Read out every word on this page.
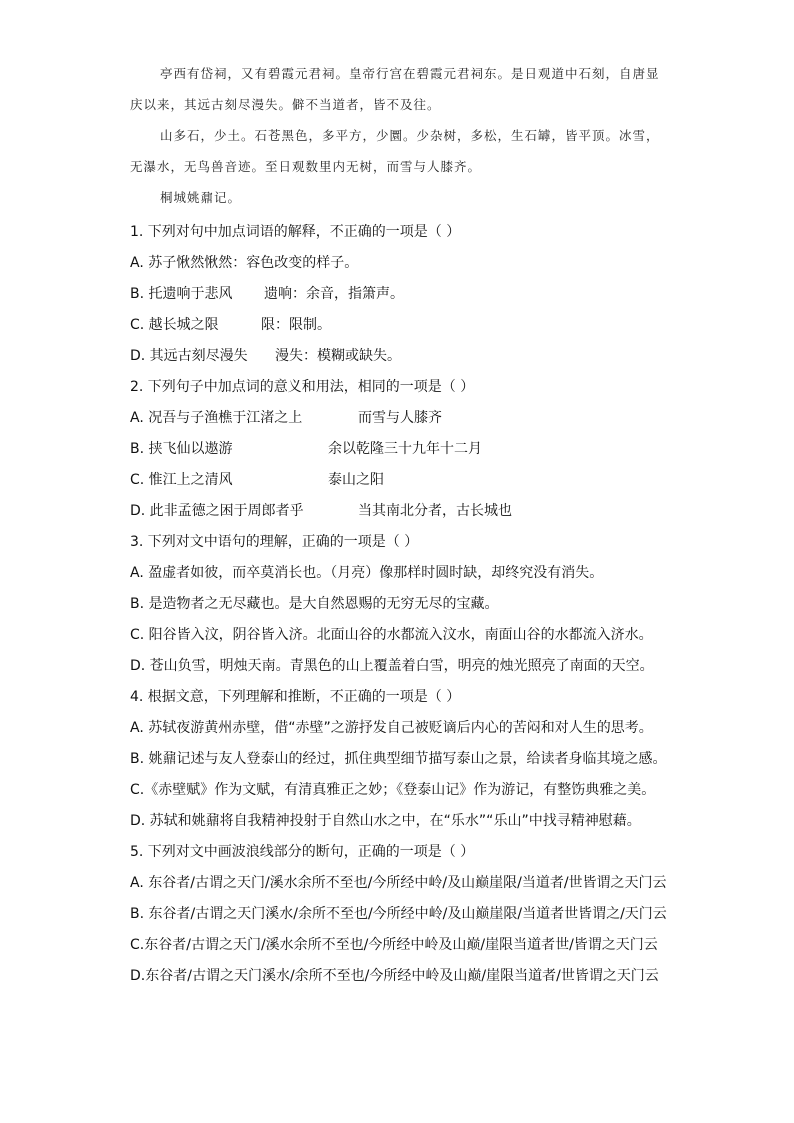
亭西有岱祠，又有碧霞元君祠。皇帝行宫在碧霞元君祠东。是日观道中石刻，自唐显庆以来，其远古刻尽漫失。僻不当道者，皆不及往。

山多石，少土。石苍黑色，多平方，少圜。少杂树，多松，生石罅，皆平顶。冰雪，无瀑水，无鸟兽音迹。至日观数里内无树，而雪与人膝齐。

桐城姚鼐记。

1. 下列对句中加点词语的解释，不正确的一项是（ ）
A. 苏子愀然愀然：容色改变的样子。
B. 托遗响于悲风 遗响：余音，指箫声。
C. 越长城之限	限：限制。
D. 其远古刻尽漫失 漫失：模糊或缺失。
2. 下列句子中加点词的意义和用法，相同的一项是（ ）
A. 况吾与子渔樵于江渚之上	而雪与人膝齐
B. 挟飞仙以遨游	余以乾隆三十九年十二月
C. 惟江上之清风	泰山之阳
D. 此非孟德之困于周郎者乎	当其南北分者，古长城也
3. 下列对文中语句的理解，正确的一项是（ ）
A. 盈虚者如彼，而卒莫消长也。（月亮）像那样时圆时缺，却终究没有消失。
B. 是造物者之无尽藏也。是大自然恩赐的无穷无尽的宝藏。
C. 阳谷皆入汶，阴谷皆入济。北面山谷的水都流入汶水，南面山谷的水都流入济水。
D. 苍山负雪，明烛天南。青黑色的山上覆盖着白雪，明亮的烛光照亮了南面的天空。
4. 根据文意，下列理解和推断，不正确的一项是（ ）
A. 苏轼夜游黄州赤壁，借“赤壁”之游抒发自己被贬谪后内心的苦闷和对人生的思考。
B. 姚鼐记述与友人登泰山的经过，抓住典型细节描写泰山之景，给读者身临其境之感。
C.《赤壁赋》作为文赋，有清真雅正之妙；《登泰山记》作为游记，有整饬典雅之美。
D. 苏轼和姚鼐将自我精神投射于自然山水之中，在“乐水”“乐山”中找寻精神慰藉。
5. 下列对文中画波浪线部分的断句，正确的一项是（ ）
A. 东谷者/古谓之天门/溪水余所不至也/今所经中岭/及山巅崖限/当道者/世皆谓之天门云
B. 东谷者/古谓之天门溪水/余所不至也/今所经中岭/及山巅崖限/当道者世皆谓之/天门云
C.东谷者/古谓之天门/溪水余所不至也/今所经中岭及山巅/崖限当道者世/皆谓之天门云
D.东谷者/古谓之天门溪水/余所不至也/今所经中岭及山巅/崖限当道者/世皆谓之天门云
